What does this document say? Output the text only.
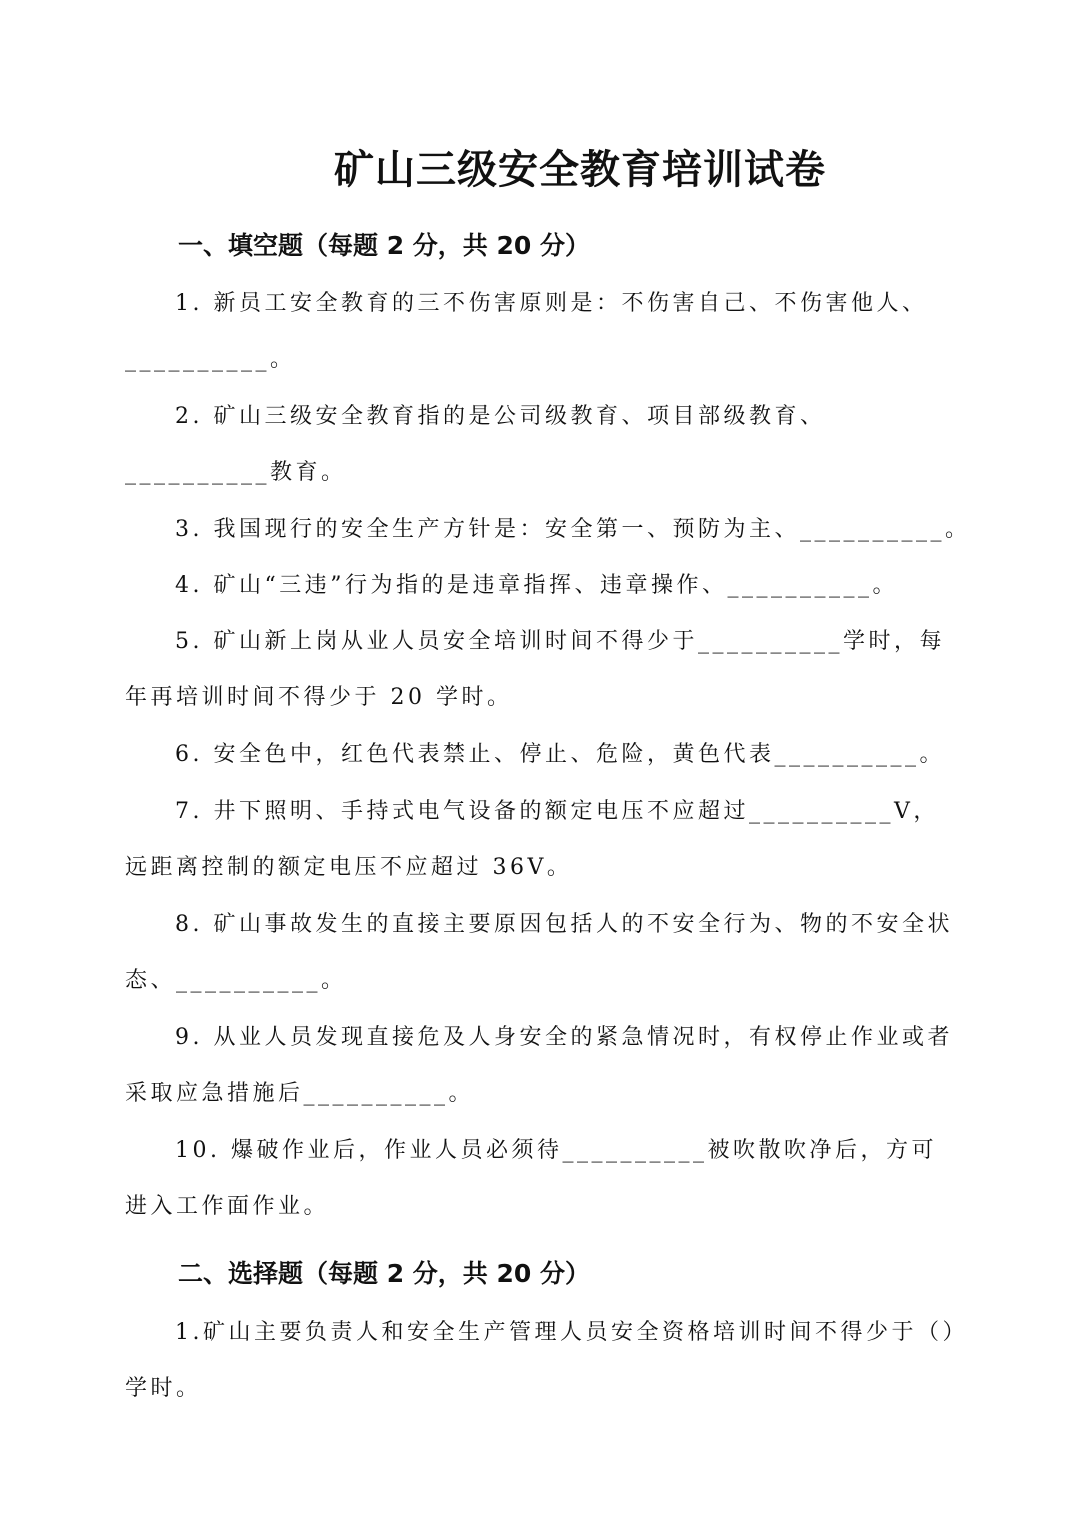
矿山三级安全教育培训试卷
一、填空题（每题 2 分，共 20 分）

1. 新员工安全教育的三不伤害原则是：不伤害自己、不伤害他人、__________。

2. 矿山三级安全教育指的是公司级教育、项目部级教育、__________教育。

3. 我国现行的安全生产方针是：安全第一、预防为主、__________。

4. 矿山“三违”行为指的是违章指挥、违章操作、__________。

5. 矿山新上岗从业人员安全培训时间不得少于__________学时，每年再培训时间不得少于 20 学时。

6. 安全色中，红色代表禁止、停止、危险，黄色代表__________。

7. 井下照明、手持式电气设备的额定电压不应超过__________V，远距离控制的额定电压不应超过 36V。

8. 矿山事故发生的直接主要原因包括人的不安全行为、物的不安全状态、__________。

9. 从业人员发现直接危及人身安全的紧急情况时，有权停止作业或者采取应急措施后__________。

10. 爆破作业后，作业人员必须待__________被吹散吹净后，方可进入工作面作业。

二、选择题（每题 2 分，共 20 分）

1.矿山主要负责人和安全生产管理人员安全资格培训时间不得少于（）学时。
